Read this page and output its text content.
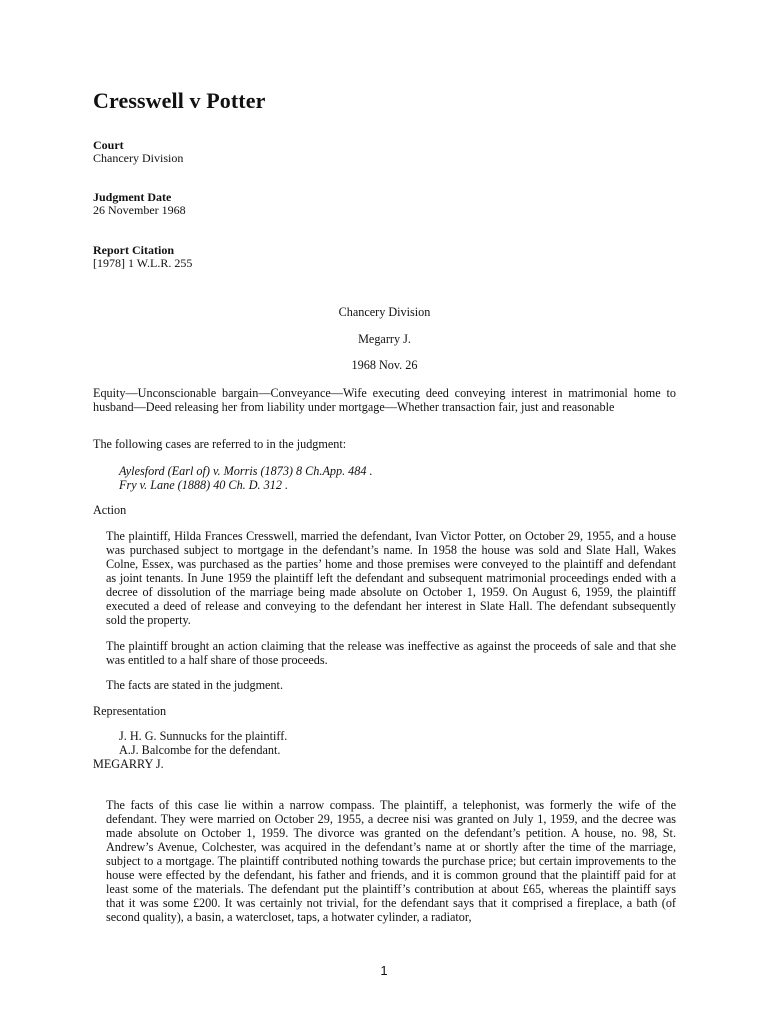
Cresswell v Potter
Court
Chancery Division
Judgment Date
26 November 1968
Report Citation
[1978] 1 W.L.R. 255
Chancery Division
Megarry J.
1968 Nov. 26
Equity—Unconscionable bargain—Conveyance—Wife executing deed conveying interest in matrimonial home to husband—Deed releasing her from liability under mortgage—Whether transaction fair, just and reasonable
The following cases are referred to in the judgment:
Aylesford (Earl of) v. Morris (1873) 8 Ch.App. 484 .
Fry v. Lane (1888) 40 Ch. D. 312 .
Action

The plaintiff, Hilda Frances Cresswell, married the defendant, Ivan Victor Potter, on October 29, 1955, and a house was purchased subject to mortgage in the defendant’s name. In 1958 the house was sold and Slate Hall, Wakes Colne, Essex, was purchased as the parties’ home and those premises were conveyed to the plaintiff and defendant as joint tenants. In June 1959 the plaintiff left the defendant and subsequent matrimonial proceedings ended with a decree of dissolution of the marriage being made absolute on October 1, 1959. On August 6, 1959, the plaintiff executed a deed of release and conveying to the defendant her interest in Slate Hall. The defendant subsequently sold the property.

The plaintiff brought an action claiming that the release was ineffective as against the proceeds of sale and that she was entitled to a half share of those proceeds.

The facts are stated in the judgment.

Representation
J. H. G. Sunnucks for the plaintiff.
A.J. Balcombe for the defendant.
MEGARRY J.

The facts of this case lie within a narrow compass. The plaintiff, a telephonist, was formerly the wife of the defendant. They were married on October 29, 1955, a decree nisi was granted on July 1, 1959, and the decree was made absolute on October 1, 1959. The divorce was granted on the defendant’s petition. A house, no. 98, St. Andrew’s Avenue, Colchester, was acquired in the defendant’s name at or shortly after the time of the marriage, subject to a mortgage. The plaintiff contributed nothing towards the purchase price; but certain improvements to the house were effected by the defendant, his father and friends, and it is common ground that the plaintiff paid for at least some of the materials. The defendant put the plaintiff’s contribution at about £65, whereas the plaintiff says that it was some £200. It was certainly not trivial, for the defendant says that it comprised a fireplace, a bath (of second quality), a basin, a watercloset, taps, a hotwater cylinder, a radiator,

1
